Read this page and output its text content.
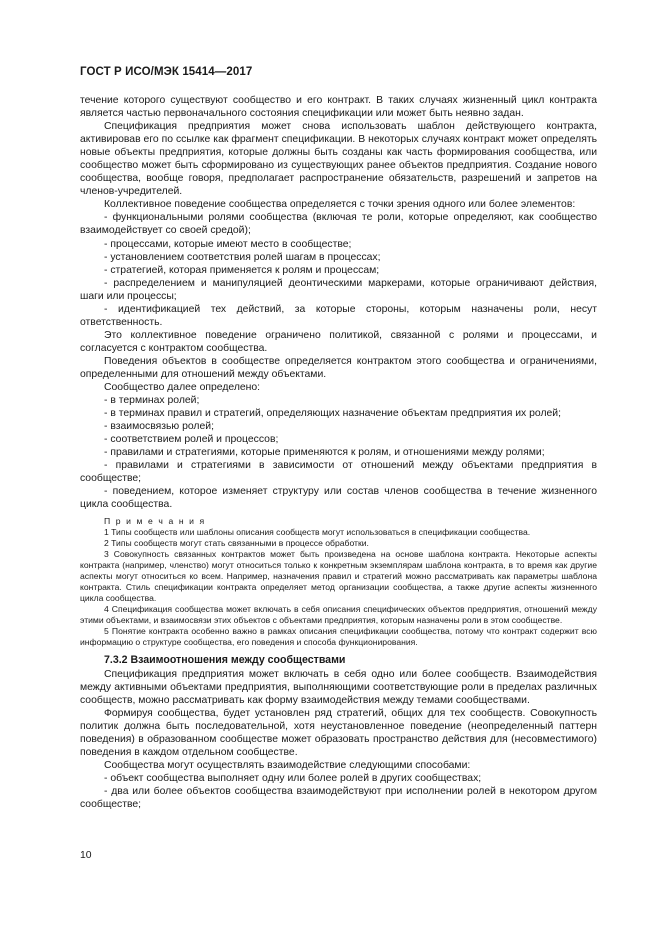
ГОСТ Р ИСО/МЭК 15414—2017

течение которого существуют сообщество и его контракт. В таких случаях жизненный цикл контракта является частью первоначального состояния спецификации или может быть неявно задан.

Спецификация предприятия может снова использовать шаблон действующего контракта, активировав его по ссылке как фрагмент спецификации. В некоторых случаях контракт может определять новые объекты предприятия, которые должны быть созданы как часть формирования сообщества, или сообщество может быть сформировано из существующих ранее объектов предприятия. Создание нового сообщества, вообще говоря, предполагает распространение обязательств, разрешений и запретов на членов-учредителей.

Коллективное поведение сообщества определяется с точки зрения одного или более элементов:

- функциональными ролями сообщества (включая те роли, которые определяют, как сообщество взаимодействует со своей средой);

- процессами, которые имеют место в сообществе;

- установлением соответствия ролей шагам в процессах;

- стратегией, которая применяется к ролям и процессам;

- распределением и манипуляцией деонтическими маркерами, которые ограничивают действия, шаги или процессы;

- идентификацией тех действий, за которые стороны, которым назначены роли, несут ответственность.

Это коллективное поведение ограничено политикой, связанной с ролями и процессами, и согласуется с контрактом сообщества.

Поведения объектов в сообществе определяется контрактом этого сообщества и ограничениями, определенными для отношений между объектами.

Сообщество далее определено:

- в терминах ролей;

- в терминах правил и стратегий, определяющих назначение объектам предприятия их ролей;

- взаимосвязью ролей;

- соответствием ролей и процессов;

- правилами и стратегиями, которые применяются к ролям, и отношениями между ролями;

- правилами и стратегиями в зависимости от отношений между объектами предприятия в сообществе;

- поведением, которое изменяет структуру или состав членов сообщества в течение жизненного цикла сообщества.

П р и м е ч а н и я

1 Типы сообществ или шаблоны описания сообществ могут использоваться в спецификации сообщества.

2 Типы сообществ могут стать связанными в процессе обработки.

3 Совокупность связанных контрактов может быть произведена на основе шаблона контракта. Некоторые аспекты контракта (например, членство) могут относиться только к конкретным экземплярам шаблона контракта, в то время как другие аспекты могут относиться ко всем. Например, назначения правил и стратегий можно рассматривать как параметры шаблона контракта. Стиль спецификации контракта определяет метод организации сообщества, а также другие аспекты жизненного цикла сообщества.

4 Спецификация сообщества может включать в себя описания специфических объектов предприятия, отношений между этими объектами, и взаимосвязи этих объектов с объектами предприятия, которым назначены роли в этом сообществе.

5 Понятие контракта особенно важно в рамках описания спецификации сообщества, потому что контракт содержит всю информацию о структуре сообщества, его поведения и способа функционирования.

7.3.2 Взаимоотношения между сообществами

Спецификация предприятия может включать в себя одно или более сообществ. Взаимодействия между активными объектами предприятия, выполняющими соответствующие роли в пределах различных сообществ, можно рассматривать как форму взаимодействия между темами сообществами.

Формируя сообщества, будет установлен ряд стратегий, общих для тех сообществ. Совокупность политик должна быть последовательной, хотя неустановленное поведение (неопределенный паттерн поведения) в образованном сообществе может образовать пространство действия для (несовместимого) поведения в каждом отдельном сообществе.

Сообщества могут осуществлять взаимодействие следующими способами:

- объект сообщества выполняет одну или более ролей в других сообществах;

- два или более объектов сообщества взаимодействуют при исполнении ролей в некотором другом сообществе;

10
